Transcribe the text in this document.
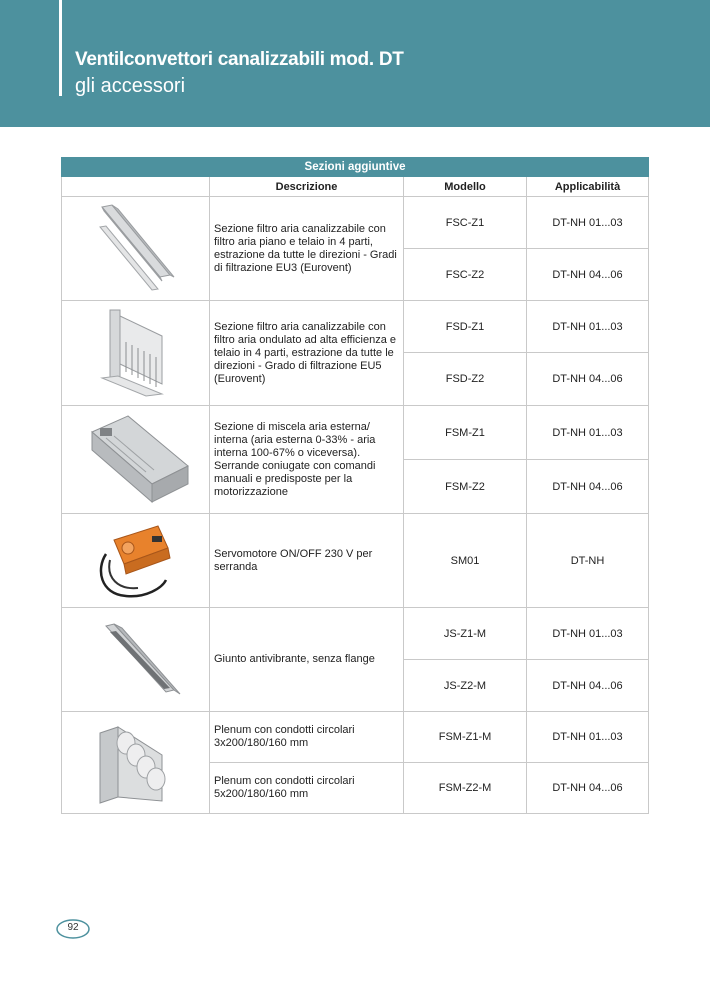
Ventilconvettori canalizzabili mod. DT
gli accessori
Sezioni aggiuntive			
	Descrizione	Modello	Applicabilità
	Sezione filtro aria canalizzabile con filtro aria piano e telaio in 4 parti, estrazione da tutte le direzioni - Gradi di filtrazione EU3 (Eurovent)	FSC-Z1	DT-NH 01...03
		FSC-Z2	DT-NH 04...06
	Sezione filtro aria canalizzabile con filtro aria ondulato ad alta efficienza e telaio in 4 parti, estrazione da tutte le direzioni - Grado di filtrazione EU5 (Eurovent)	FSD-Z1	DT-NH 01...03
		FSD-Z2	DT-NH 04...06
	Sezione di miscela aria esterna/ interna (aria esterna 0-33% - aria interna 100-67% o viceversa). Serrande coniugate con comandi manuali e predisposte per la motorizzazione	FSM-Z1	DT-NH 01...03
		FSM-Z2	DT-NH 04...06
	Servomotore ON/OFF 230 V per serranda	SM01	DT-NH
	Giunto antivibrante, senza flange	JS-Z1-M	DT-NH 01...03
		JS-Z2-M	DT-NH 04...06
	Plenum con condotti circolari 3x200/180/160 mm	FSM-Z1-M	DT-NH 01...03
	Plenum con condotti circolari 5x200/180/160 mm	FSM-Z2-M	DT-NH 04...06
92
